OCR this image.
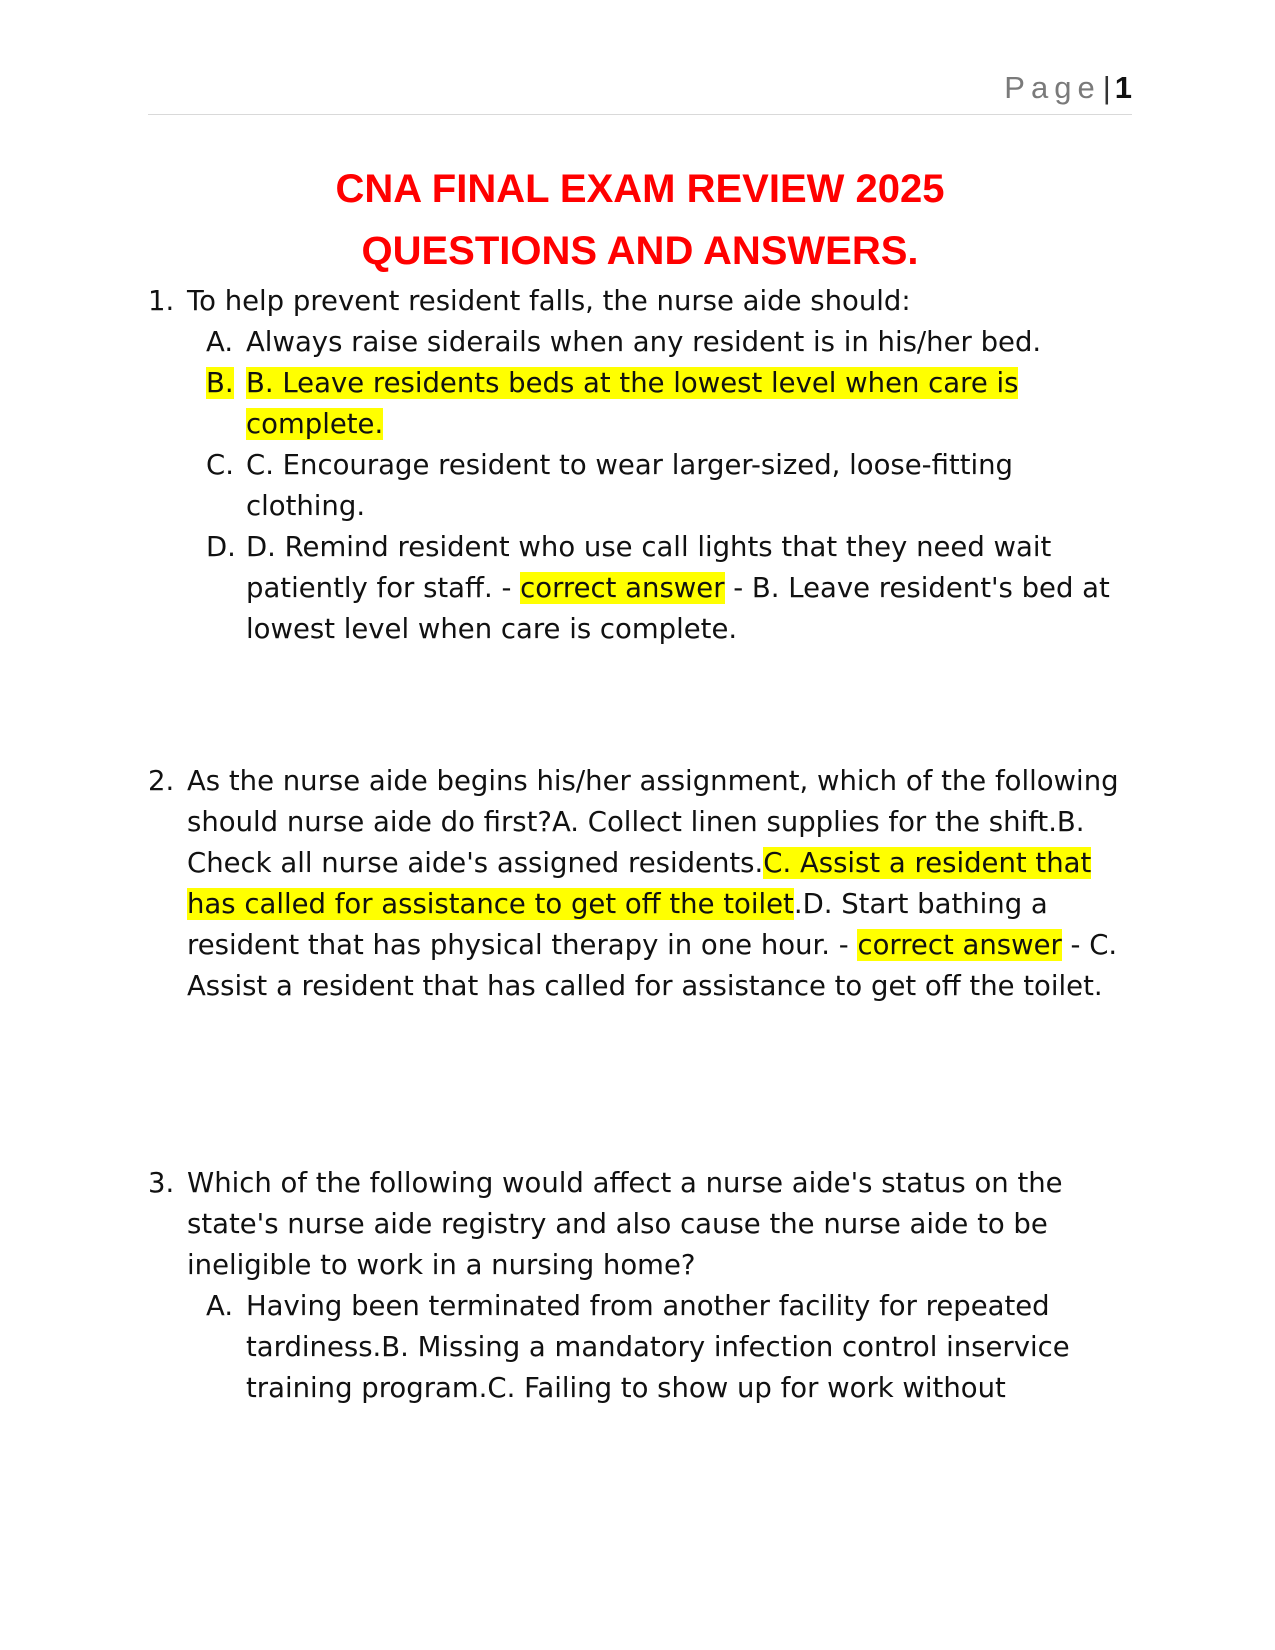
Page| 1
CNA FINAL EXAM REVIEW 2025
QUESTIONS AND ANSWERS.
1. To help prevent resident falls, the nurse aide should:
A. Always raise siderails when any resident is in his/her bed.
B. B. Leave residents beds at the lowest level when care is complete.
C. C. Encourage resident to wear larger-sized, loose-fitting clothing.
D. D. Remind resident who use call lights that they need wait patiently for staff. - correct answer - B. Leave resident's bed at lowest level when care is complete.
2. As the nurse aide begins his/her assignment, which of the following should nurse aide do first?A. Collect linen supplies for the shift.B. Check all nurse aide's assigned residents.C. Assist a resident that has called for assistance to get off the toilet.D. Start bathing a resident that has physical therapy in one hour. - correct answer - C. Assist a resident that has called for assistance to get off the toilet.
3. Which of the following would affect a nurse aide's status on the state's nurse aide registry and also cause the nurse aide to be ineligible to work in a nursing home?
A. Having been terminated from another facility for repeated tardiness.B. Missing a mandatory infection control inservice training program.C. Failing to show up for work without
